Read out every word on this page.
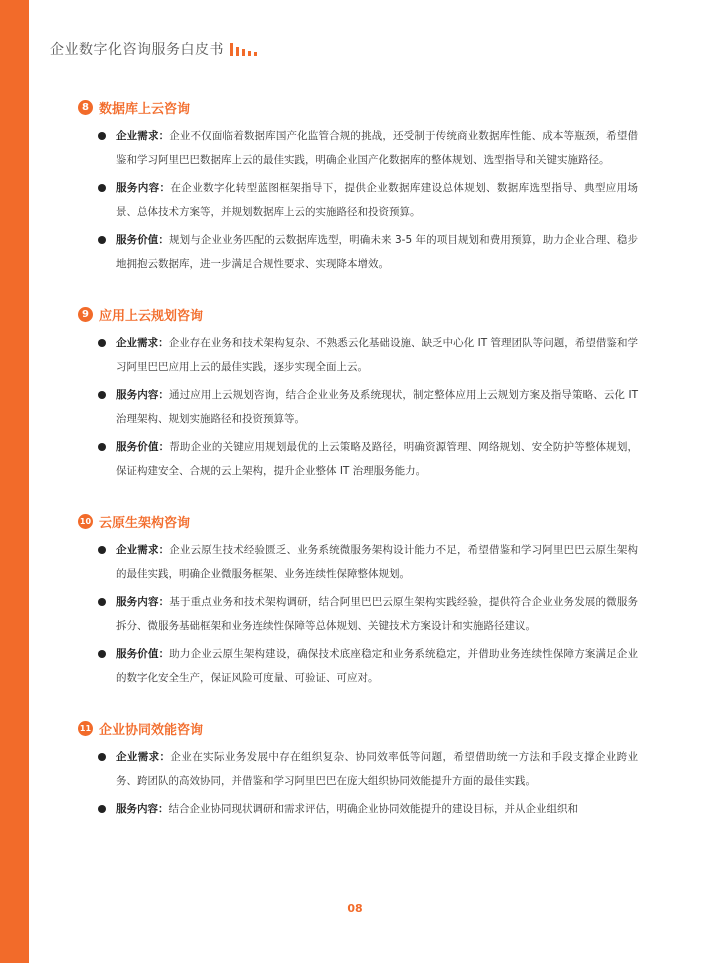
企业数字化咨询服务白皮书
8 数据库上云咨询
企业需求：企业不仅面临着数据库国产化监管合规的挑战，还受制于传统商业数据库性能、成本等瓶颈，希望借鉴和学习阿里巴巴数据库上云的最佳实践，明确企业国产化数据库的整体规划、选型指导和关键实施路径。
服务内容：在企业数字化转型蓝图框架指导下，提供企业数据库建设总体规划、数据库选型指导、典型应用场景、总体技术方案等，并规划数据库上云的实施路径和投资预算。
服务价值：规划与企业业务匹配的云数据库选型，明确未来 3-5 年的项目规划和费用预算，助力企业合理、稳步地拥抱云数据库，进一步满足合规性要求、实现降本增效。
9 应用上云规划咨询
企业需求：企业存在业务和技术架构复杂、不熟悉云化基础设施、缺乏中心化 IT 管理团队等问题，希望借鉴和学习阿里巴巴应用上云的最佳实践，逐步实现全面上云。
服务内容：通过应用上云规划咨询，结合企业业务及系统现状，制定整体应用上云规划方案及指导策略、云化 IT 治理架构、规划实施路径和投资预算等。
服务价值：帮助企业的关键应用规划最优的上云策略及路径，明确资源管理、网络规划、安全防护等整体规划，保证构建安全、合规的云上架构，提升企业整体 IT 治理服务能力。
10 云原生架构咨询
企业需求：企业云原生技术经验匮乏、业务系统微服务架构设计能力不足，希望借鉴和学习阿里巴巴云原生架构的最佳实践，明确企业微服务框架、业务连续性保障整体规划。
服务内容：基于重点业务和技术架构调研，结合阿里巴巴云原生架构实践经验，提供符合企业业务发展的微服务拆分、微服务基础框架和业务连续性保障等总体规划、关键技术方案设计和实施路径建议。
服务价值：助力企业云原生架构建设，确保技术底座稳定和业务系统稳定，并借助业务连续性保障方案满足企业的数字化安全生产，保证风险可度量、可验证、可应对。
11 企业协同效能咨询
企业需求：企业在实际业务发展中存在组织复杂、协同效率低等问题，希望借助统一方法和手段支撑企业跨业务、跨团队的高效协同，并借鉴和学习阿里巴巴在庞大组织协同效能提升方面的最佳实践。
服务内容：结合企业协同现状调研和需求评估，明确企业协同效能提升的建设目标，并从企业组织和
08
